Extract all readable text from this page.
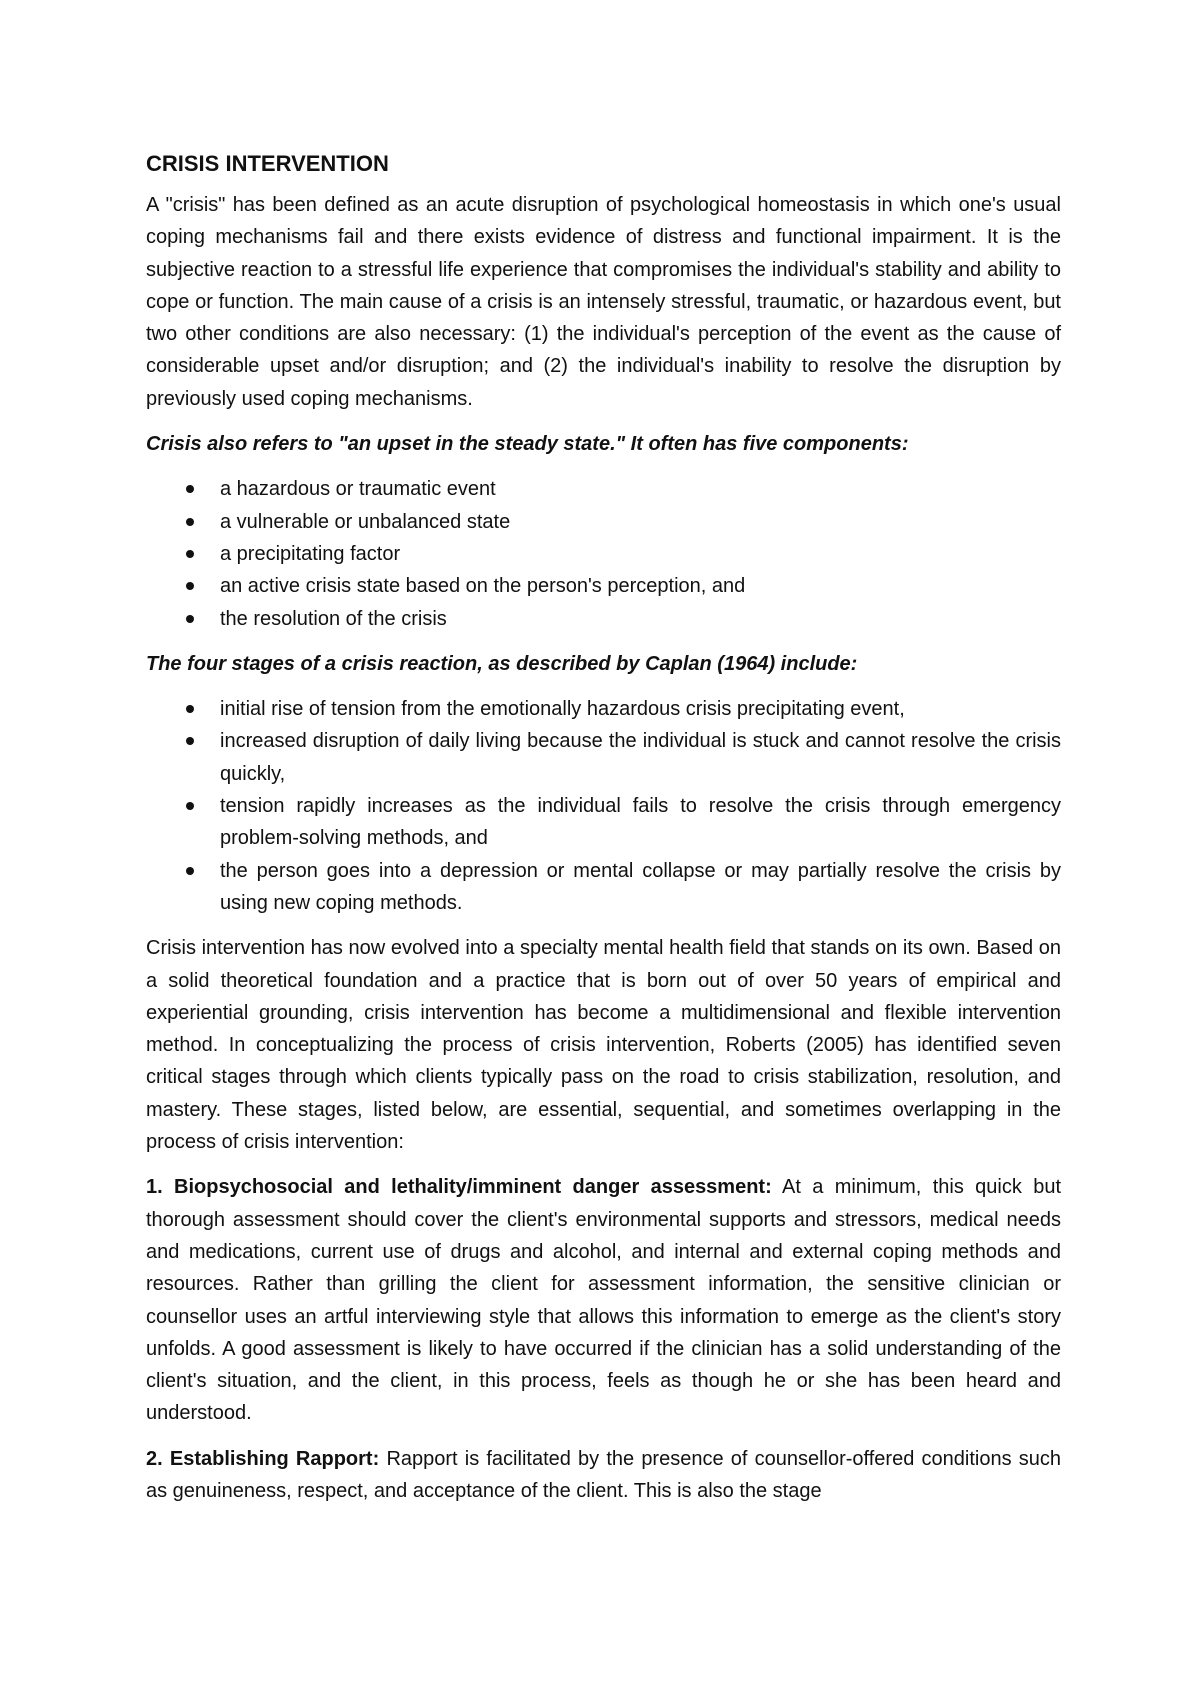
CRISIS INTERVENTION

A "crisis" has been defined as an acute disruption of psychological homeostasis in which one's usual coping mechanisms fail and there exists evidence of distress and functional impairment. It is the subjective reaction to a stressful life experience that compromises the individual's stability and ability to cope or function. The main cause of a crisis is an intensely stressful, traumatic, or hazardous event, but two other conditions are also necessary: (1) the individual's perception of the event as the cause of considerable upset and/or disruption; and (2) the individual's inability to resolve the disruption by previously used coping mechanisms.

Crisis also refers to "an upset in the steady state." It often has five components:

a hazardous or traumatic event
a vulnerable or unbalanced state
a precipitating factor
an active crisis state based on the person's perception, and
the resolution of the crisis

The four stages of a crisis reaction, as described by Caplan (1964) include:

initial rise of tension from the emotionally hazardous crisis precipitating event,
increased disruption of daily living because the individual is stuck and cannot resolve the crisis quickly,
tension rapidly increases as the individual fails to resolve the crisis through emergency problem-solving methods, and
the person goes into a depression or mental collapse or may partially resolve the crisis by using new coping methods.

Crisis intervention has now evolved into a specialty mental health field that stands on its own. Based on a solid theoretical foundation and a practice that is born out of over 50 years of empirical and experiential grounding, crisis intervention has become a multidimensional and flexible intervention method. In conceptualizing the process of crisis intervention, Roberts (2005) has identified seven critical stages through which clients typically pass on the road to crisis stabilization, resolution, and mastery. These stages, listed below, are essential, sequential, and sometimes overlapping in the process of crisis intervention:

1. Biopsychosocial and lethality/imminent danger assessment: At a minimum, this quick but thorough assessment should cover the client's environmental supports and stressors, medical needs and medications, current use of drugs and alcohol, and internal and external coping methods and resources. Rather than grilling the client for assessment information, the sensitive clinician or counsellor uses an artful interviewing style that allows this information to emerge as the client's story unfolds. A good assessment is likely to have occurred if the clinician has a solid understanding of the client's situation, and the client, in this process, feels as though he or she has been heard and understood.

2. Establishing Rapport: Rapport is facilitated by the presence of counsellor-offered conditions such as genuineness, respect, and acceptance of the client. This is also the stage
